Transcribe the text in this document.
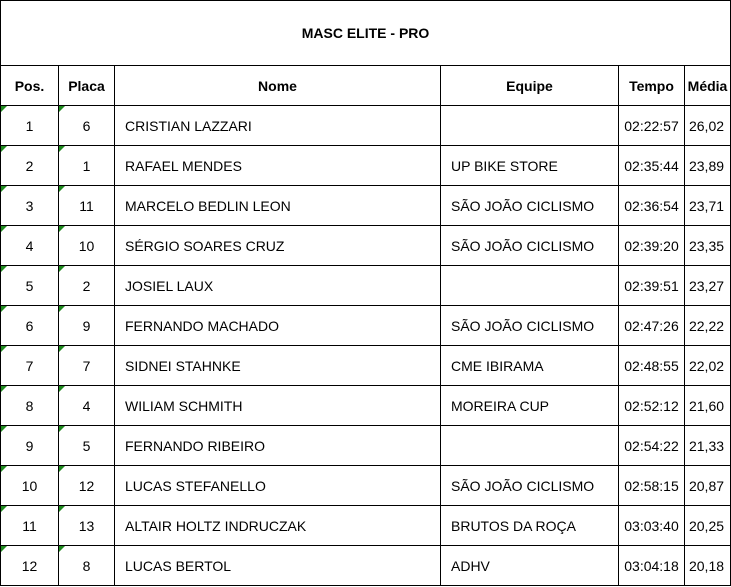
MASC ELITE - PRO					
Pos.	Placa	Nome	Equipe	Tempo	Média

1	6	CRISTIAN LAZZARI		02:22:57	26,02

2	1	RAFAEL MENDES	UP BIKE STORE	02:35:44	23,89

3	11	MARCELO BEDLIN LEON	SÃO JOÃO CICLISMO	02:36:54	23,71

4	10	SÉRGIO SOARES CRUZ	SÃO JOÃO CICLISMO	02:39:20	23,35

5	2	JOSIEL LAUX		02:39:51	23,27

6	9	FERNANDO MACHADO	SÃO JOÃO CICLISMO	02:47:26	22,22

7	7	SIDNEI STAHNKE	CME IBIRAMA	02:48:55	22,02

8	4	WILIAM SCHMITH	MOREIRA CUP	02:52:12	21,60

9	5	FERNANDO RIBEIRO		02:54:22	21,33

10	12	LUCAS STEFANELLO	SÃO JOÃO CICLISMO	02:58:15	20,87

11	13	ALTAIR HOLTZ INDRUCZAK	BRUTOS DA ROÇA	03:03:40	20,25

12	8	LUCAS BERTOL	ADHV	03:04:18	20,18
